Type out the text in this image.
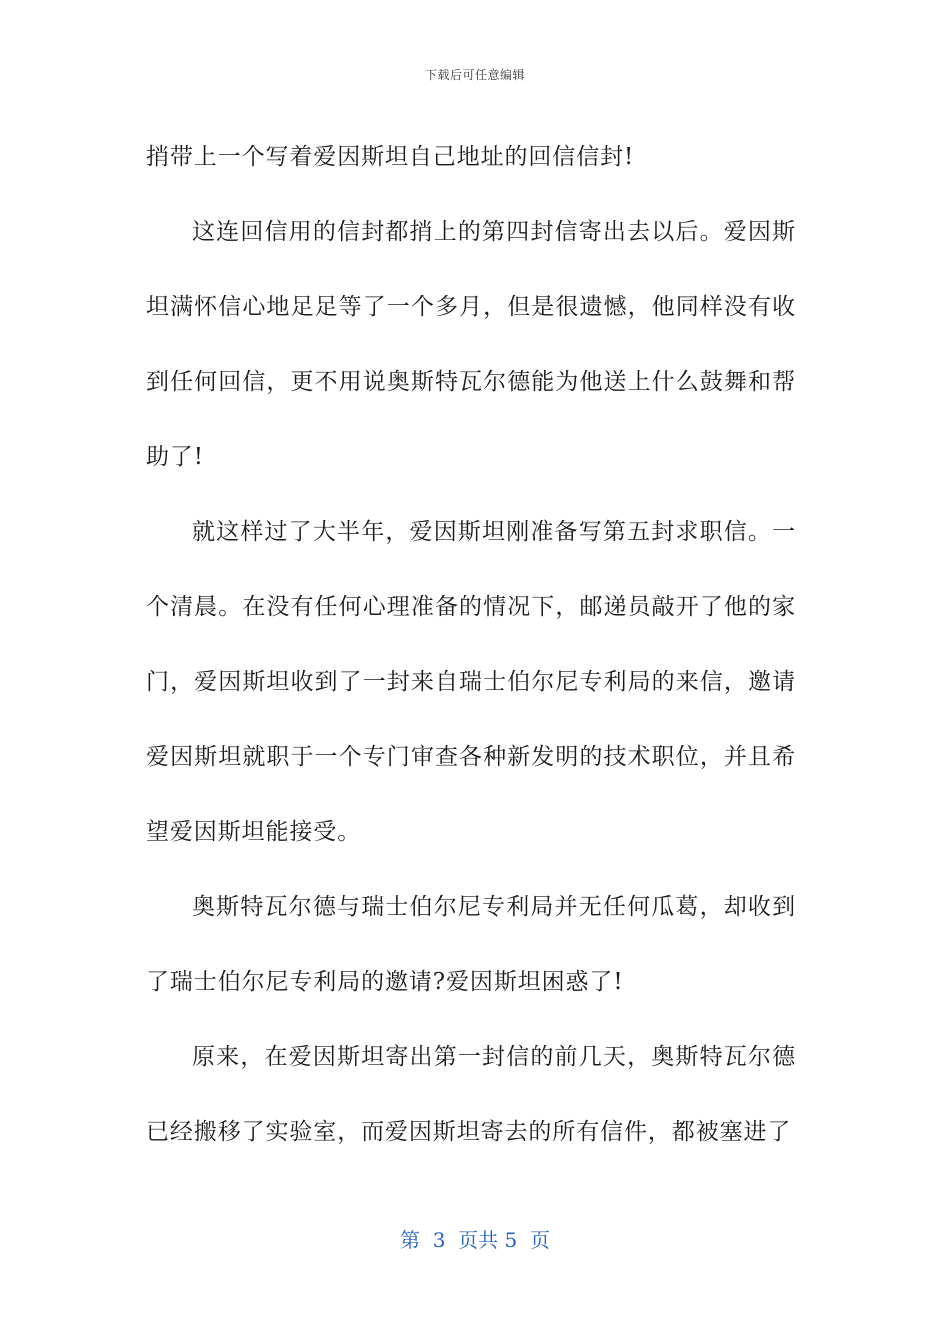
下载后可任意编辑

捎带上一个写着爱因斯坦自己地址的回信信封!

这连回信用的信封都捎上的第四封信寄出去以后。爱因斯坦满怀信心地足足等了一个多月，但是很遗憾，他同样没有收到任何回信，更不用说奥斯特瓦尔德能为他送上什么鼓舞和帮助了!

就这样过了大半年，爱因斯坦刚准备写第五封求职信。一个清晨。在没有任何心理准备的情况下，邮递员敲开了他的家门，爱因斯坦收到了一封来自瑞士伯尔尼专利局的来信，邀请爱因斯坦就职于一个专门审查各种新发明的技术职位，并且希望爱因斯坦能接受。

奥斯特瓦尔德与瑞士伯尔尼专利局并无任何瓜葛，却收到了瑞士伯尔尼专利局的邀请?爱因斯坦困惑了!

原来，在爱因斯坦寄出第一封信的前几天，奥斯特瓦尔德已经搬移了实验室，而爱因斯坦寄去的所有信件，都被塞进了

第  3  页共 5  页
